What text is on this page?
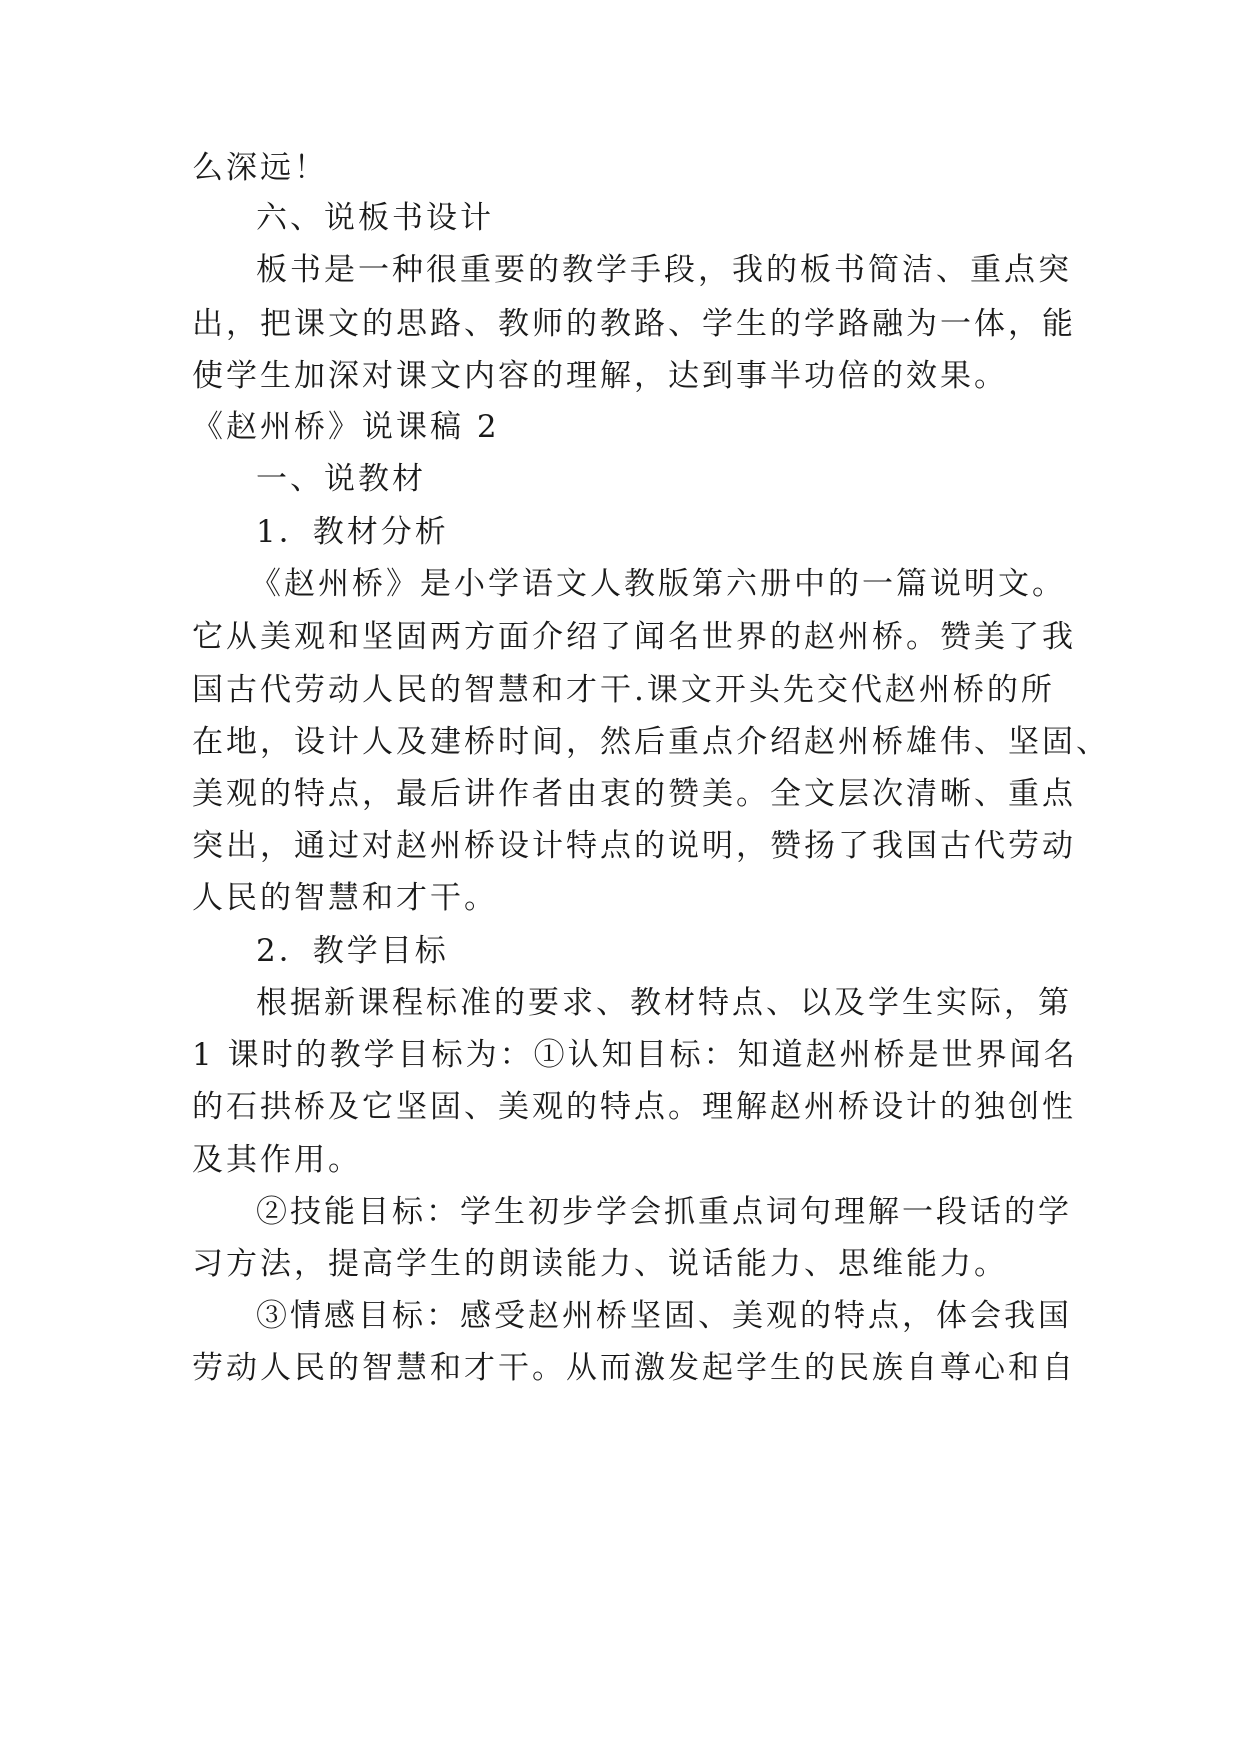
么深远！
六、说板书设计
板书是一种很重要的教学手段，我的板书简洁、重点突
出，把课文的思路、教师的教路、学生的学路融为一体，能
使学生加深对课文内容的理解，达到事半功倍的效果。
《赵州桥》说课稿 2
一、说教材
1．教材分析
《赵州桥》是小学语文人教版第六册中的一篇说明文。
它从美观和坚固两方面介绍了闻名世界的赵州桥。赞美了我
国古代劳动人民的智慧和才干.课文开头先交代赵州桥的所
在地，设计人及建桥时间，然后重点介绍赵州桥雄伟、坚固、
美观的特点，最后讲作者由衷的赞美。全文层次清晰、重点
突出，通过对赵州桥设计特点的说明，赞扬了我国古代劳动
人民的智慧和才干。
2．教学目标
根据新课程标准的要求、教材特点、以及学生实际，第
1 课时的教学目标为：①认知目标：知道赵州桥是世界闻名
的石拱桥及它坚固、美观的特点。理解赵州桥设计的独创性
及其作用。
②技能目标：学生初步学会抓重点词句理解一段话的学
习方法，提高学生的朗读能力、说话能力、思维能力。
③情感目标：感受赵州桥坚固、美观的特点，体会我国
劳动人民的智慧和才干。从而激发起学生的民族自尊心和自
